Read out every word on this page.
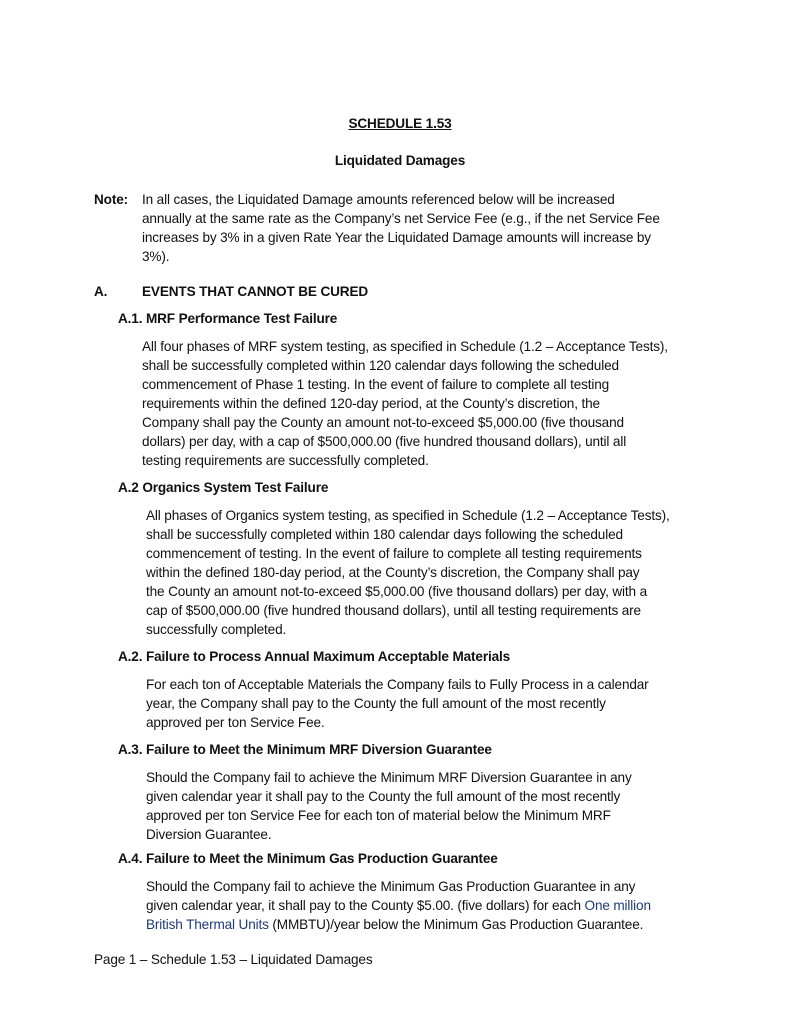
SCHEDULE 1.53
Liquidated Damages
Note: In all cases, the Liquidated Damage amounts referenced below will be increased
annually at the same rate as the Company’s net Service Fee (e.g., if the net Service Fee
increases by 3% in a given Rate Year the Liquidated Damage amounts will increase by
3%).
A.	EVENTS THAT CANNOT BE CURED
A.1. MRF Performance Test Failure
All four phases of MRF system testing, as specified in Schedule (1.2 – Acceptance Tests),
shall be successfully completed within 120 calendar days following the scheduled
commencement of Phase 1 testing. In the event of failure to complete all testing
requirements within the defined 120-day period, at the County’s discretion, the
Company shall pay the County an amount not-to-exceed $5,000.00 (five thousand
dollars) per day, with a cap of $500,000.00 (five hundred thousand dollars), until all
testing requirements are successfully completed.
A.2 Organics System Test Failure
All phases of Organics system testing, as specified in Schedule (1.2 – Acceptance Tests),
shall be successfully completed within 180 calendar days following the scheduled
commencement of testing. In the event of failure to complete all testing requirements
within the defined 180-day period, at the County’s discretion, the Company shall pay
the County an amount not-to-exceed $5,000.00 (five thousand dollars) per day, with a
cap of $500,000.00 (five hundred thousand dollars), until all testing requirements are
successfully completed.
A.2. Failure to Process Annual Maximum Acceptable Materials
For each ton of Acceptable Materials the Company fails to Fully Process in a calendar
year, the Company shall pay to the County the full amount of the most recently
approved per ton Service Fee.
A.3. Failure to Meet the Minimum MRF Diversion Guarantee
Should the Company fail to achieve the Minimum MRF Diversion Guarantee in any
given calendar year it shall pay to the County the full amount of the most recently
approved per ton Service Fee for each ton of material below the Minimum MRF
Diversion Guarantee.
A.4. Failure to Meet the Minimum Gas Production Guarantee
Should the Company fail to achieve the Minimum Gas Production Guarantee in any
given calendar year, it shall pay to the County $5.00. (five dollars) for each One million
British Thermal Units (MMBTU)/year below the Minimum Gas Production Guarantee.
Page 1 – Schedule 1.53 – Liquidated Damages
